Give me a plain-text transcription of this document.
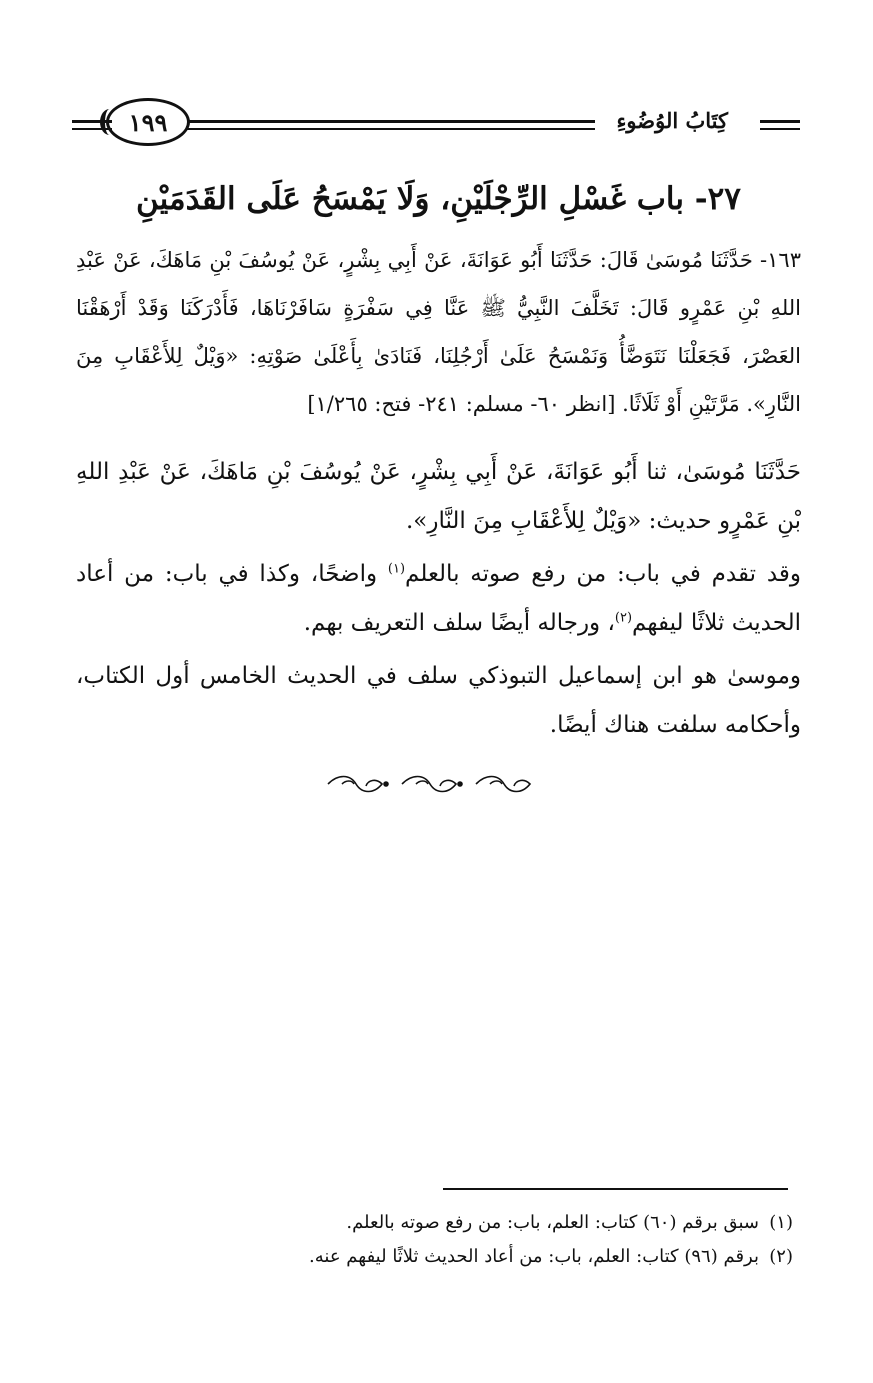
كِتَابُ الوُضُوءِ
١٩٩
٢٧- باب غَسْلِ الرِّجْلَيْنِ، وَلَا يَمْسَحُ عَلَى القَدَمَيْنِ

١٦٣- حَدَّثَنَا مُوسَىٰ قَالَ: حَدَّثَنَا أَبُو عَوَانَةَ، عَنْ أَبِي بِشْرٍ، عَنْ يُوسُفَ بْنِ مَاهَكَ، عَنْ عَبْدِ اللهِ بْنِ عَمْرٍو قَالَ: تَخَلَّفَ النَّبِيُّ ﷺ عَنَّا فِي سَفْرَةٍ سَافَرْنَاهَا، فَأَدْرَكَنَا وَقَدْ أَرْهَقْنَا العَصْرَ، فَجَعَلْنَا نَتَوَضَّأُ وَنَمْسَحُ عَلَىٰ أَرْجُلِنَا، فَنَادَىٰ بِأَعْلَىٰ صَوْتِهِ: «وَيْلٌ لِلأَعْقَابِ مِنَ النَّارِ». مَرَّتَيْنِ أَوْ ثَلَاثًا. [انظر ٦٠- مسلم: ٢٤١- فتح: ١/٢٦٥]

حَدَّثَنَا مُوسَىٰ، ثنا أَبُو عَوَانَةَ، عَنْ أَبِي بِشْرٍ، عَنْ يُوسُفَ بْنِ مَاهَكَ، عَنْ عَبْدِ اللهِ بْنِ عَمْرٍو حديث: «وَيْلٌ لِلأَعْقَابِ مِنَ النَّارِ».

وقد تقدم في باب: من رفع صوته بالعلم$^{(١)}$ واضحًا، وكذا في باب: من أعاد الحديث ثلاثًا ليفهم$^{(٢)}$، ورجاله أيضًا سلف التعريف بهم.

وموسىٰ هو ابن إسماعيل التبوذكي سلف في الحديث الخامس أول الكتاب، وأحكامه سلفت هناك أيضًا.

(١)سبق برقم (٦٠) كتاب: العلم، باب: من رفع صوته بالعلم.
(٢)برقم (٩٦) كتاب: العلم، باب: من أعاد الحديث ثلاثًا ليفهم عنه.
